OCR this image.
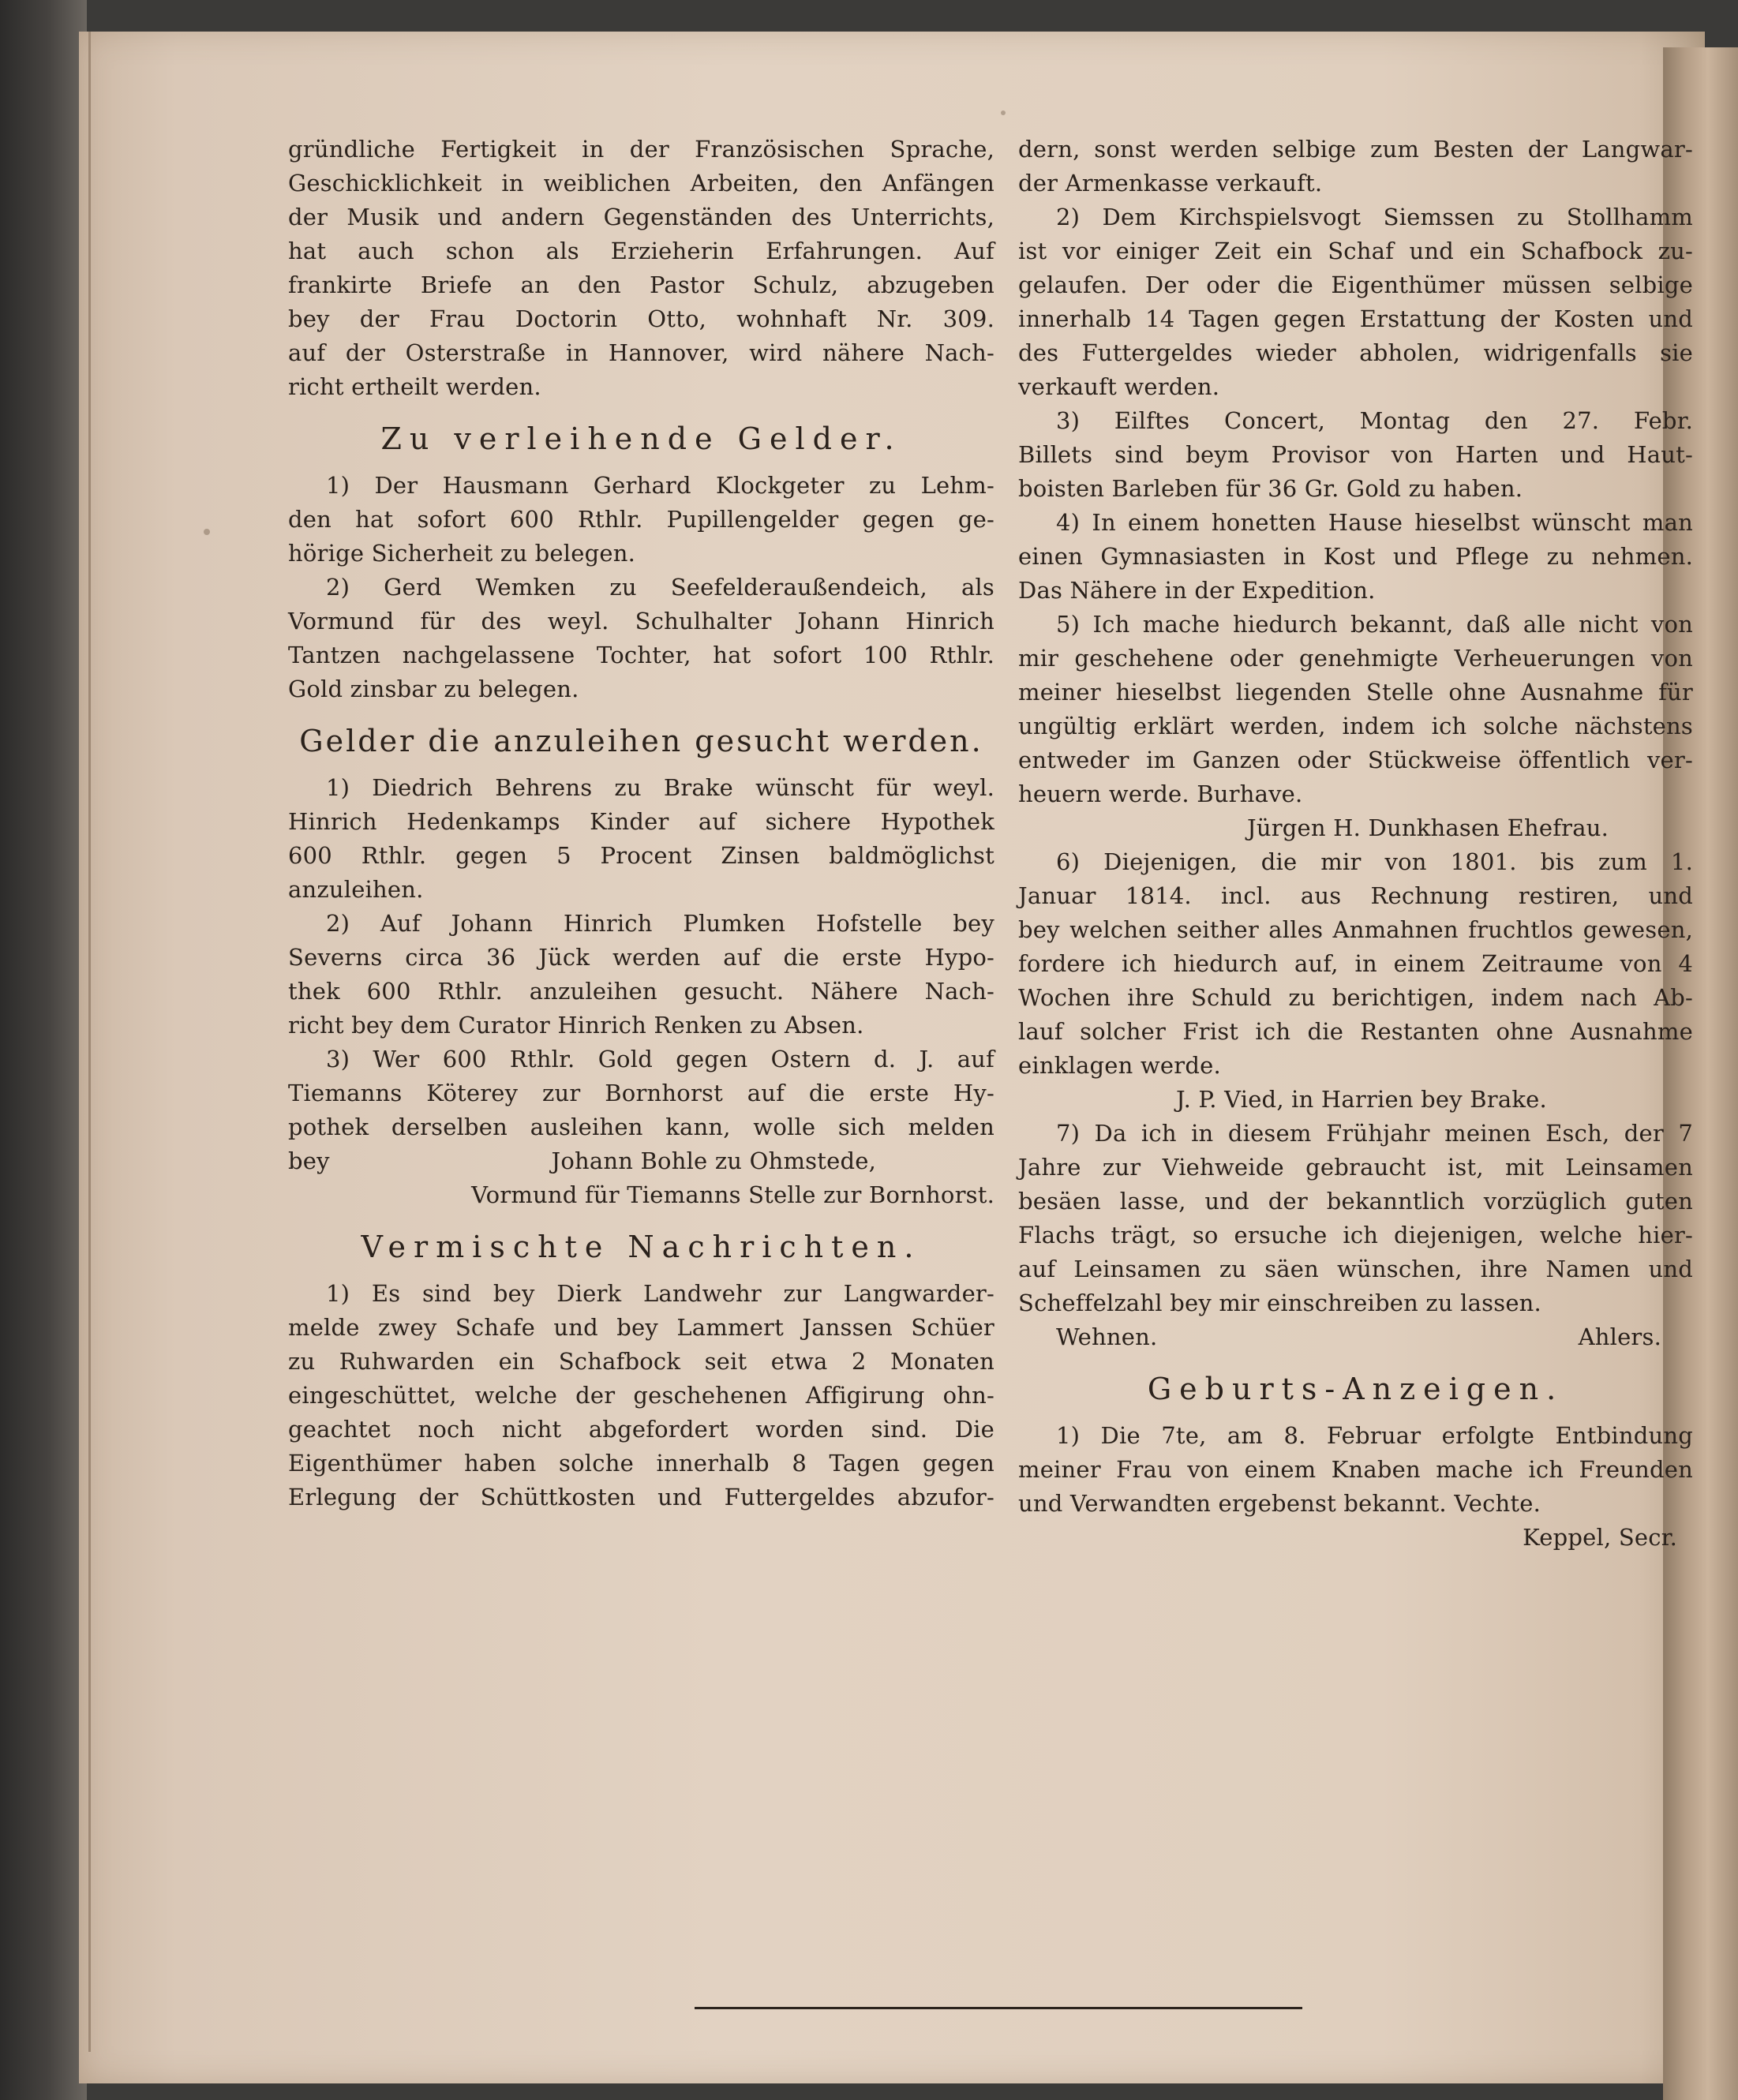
gründliche Fertigkeit in der Französischen Sprache,
Geschicklichkeit in weiblichen Arbeiten, den Anfängen
der Musik und andern Gegenständen des Unterrichts,
hat auch schon als Erzieherin Erfahrungen. Auf
frankirte Briefe an den Pastor Schulz, abzugeben
bey der Frau Doctorin Otto, wohnhaft Nr. 309.
auf der Osterstraße in Hannover, wird nähere Nach-
richt ertheilt werden.
Zu verleihende Gelder.
1) Der Hausmann Gerhard Klockgeter zu Lehm-
den hat sofort 600 Rthlr. Pupillengelder gegen ge-
hörige Sicherheit zu belegen.
2) Gerd Wemken zu Seefelderaußendeich, als
Vormund für des weyl. Schulhalter Johann Hinrich
Tantzen nachgelassene Tochter, hat sofort 100 Rthlr.
Gold zinsbar zu belegen.
Gelder die anzuleihen gesucht werden.
1) Diedrich Behrens zu Brake wünscht für weyl.
Hinrich Hedenkamps Kinder auf sichere Hypothek
600 Rthlr. gegen 5 Procent Zinsen baldmöglichst
anzuleihen.
2) Auf Johann Hinrich Plumken Hofstelle bey
Severns circa 36 Jück werden auf die erste Hypo-
thek 600 Rthlr. anzuleihen gesucht. Nähere Nach-
richt bey dem Curator Hinrich Renken zu Absen.
3) Wer 600 Rthlr. Gold gegen Ostern d. J. auf
Tiemanns Köterey zur Bornhorst auf die erste Hy-
pothek derselben ausleihen kann, wolle sich melden
bey	Johann Bohle zu Ohmstede,
Vormund für Tiemanns Stelle zur Bornhorst.
Vermischte Nachrichten.
1) Es sind bey Dierk Landwehr zur Langwarder-
melde zwey Schafe und bey Lammert Janssen Schüer
zu Ruhwarden ein Schafbock seit etwa 2 Monaten
eingeschüttet, welche der geschehenen Affigirung ohn-
geachtet noch nicht abgefordert worden sind. Die
Eigenthümer haben solche innerhalb 8 Tagen gegen
Erlegung der Schüttkosten und Futtergeldes abzufor-
dern, sonst werden selbige zum Besten der Langwar-
der Armenkasse verkauft.
2) Dem Kirchspielsvogt Siemssen zu Stollhamm
ist vor einiger Zeit ein Schaf und ein Schafbock zu-
gelaufen. Der oder die Eigenthümer müssen selbige
innerhalb 14 Tagen gegen Erstattung der Kosten und
des Futtergeldes wieder abholen, widrigenfalls sie
verkauft werden.
3) Eilftes Concert, Montag den 27. Febr.
Billets sind beym Provisor von Harten und Haut-
boisten Barleben für 36 Gr. Gold zu haben.
4) In einem honetten Hause hieselbst wünscht man
einen Gymnasiasten in Kost und Pflege zu nehmen.
Das Nähere in der Expedition.
5) Ich mache hiedurch bekannt, daß alle nicht von
mir geschehene oder genehmigte Verheuerungen von
meiner hieselbst liegenden Stelle ohne Ausnahme für
ungültig erklärt werden, indem ich solche nächstens
entweder im Ganzen oder Stückweise öffentlich ver-
heuern werde. Burhave.
Jürgen H. Dunkhasen Ehefrau.
6) Diejenigen, die mir von 1801. bis zum 1.
Januar 1814. incl. aus Rechnung restiren, und
bey welchen seither alles Anmahnen fruchtlos gewesen,
fordere ich hiedurch auf, in einem Zeitraume von 4
Wochen ihre Schuld zu berichtigen, indem nach Ab-
lauf solcher Frist ich die Restanten ohne Ausnahme
einklagen werde.
J. P. Vied, in Harrien bey Brake.
7) Da ich in diesem Frühjahr meinen Esch, der 7
Jahre zur Viehweide gebraucht ist, mit Leinsamen
besäen lasse, und der bekanntlich vorzüglich guten
Flachs trägt, so ersuche ich diejenigen, welche hier-
auf Leinsamen zu säen wünschen, ihre Namen und
Scheffelzahl bey mir einschreiben zu lassen.
Wehnen.	Ahlers.
Geburts-Anzeigen.
1) Die 7te, am 8. Februar erfolgte Entbindung
meiner Frau von einem Knaben mache ich Freunden
und Verwandten ergebenst bekannt. Vechte.
Keppel, Secr.
